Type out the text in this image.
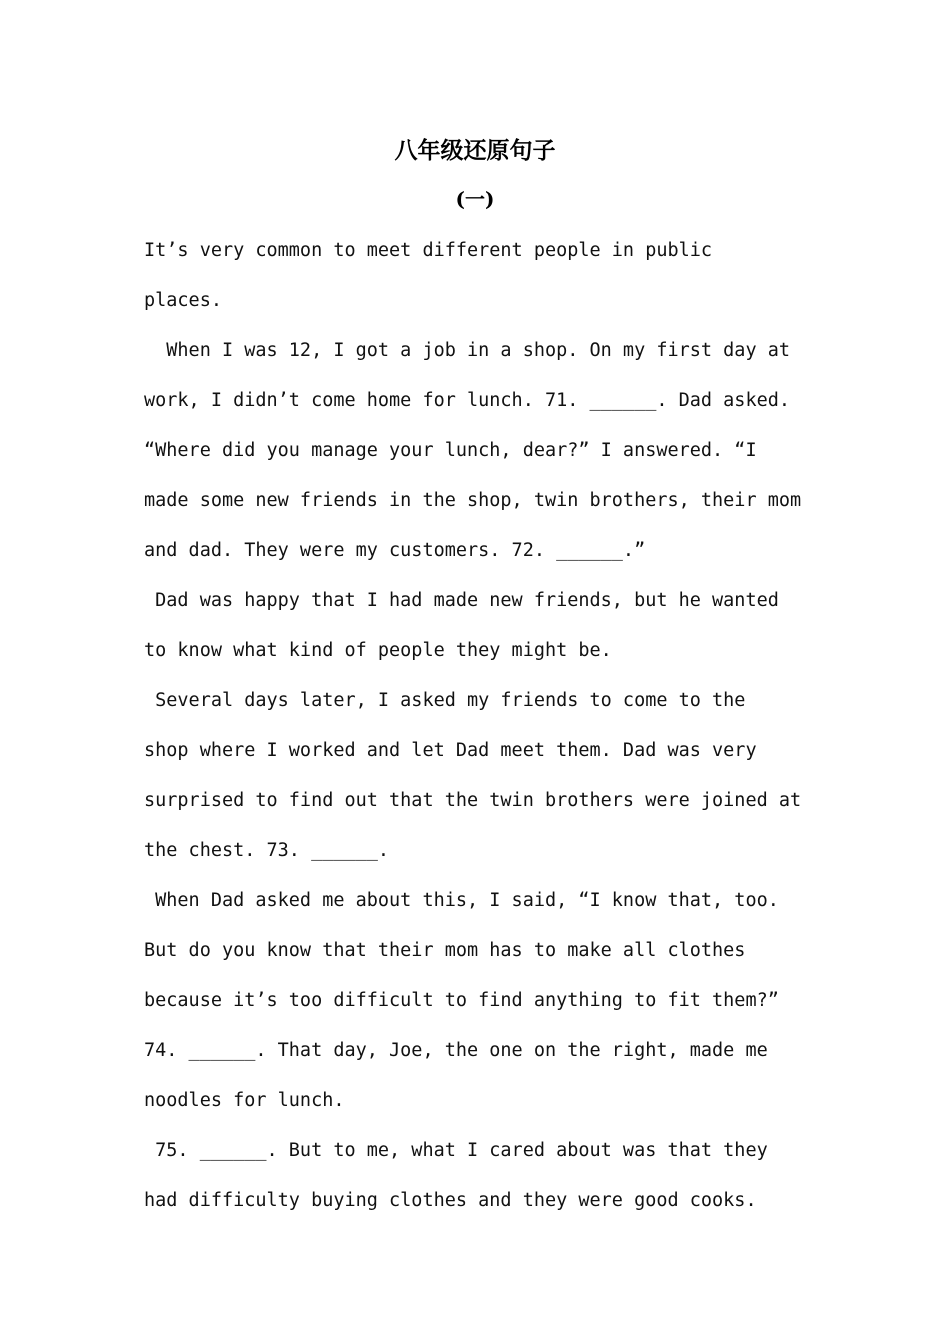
八年级还原句子
(一)
It’s very common to meet different people in public
places.
When I was 12, I got a job in a shop. On my first day at
work, I didn’t come home for lunch. 71. ______. Dad asked.
“Where did you manage your lunch, dear?” I answered. “I
made some new friends in the shop, twin brothers, their mom
and dad. They were my customers. 72. ______.”
Dad was happy that I had made new friends, but he wanted
to know what kind of people they might be.
Several days later, I asked my friends to come to the
shop where I worked and let Dad meet them. Dad was very
surprised to find out that the twin brothers were joined at
the chest. 73. ______.
When Dad asked me about this, I said, “I know that, too.
But do you know that their mom has to make all clothes
because it’s too difficult to find anything to fit them?”
74. ______. That day, Joe, the one on the right, made me
noodles for lunch.
75. ______. But to me, what I cared about was that they
had difficulty buying clothes and they were good cooks.
